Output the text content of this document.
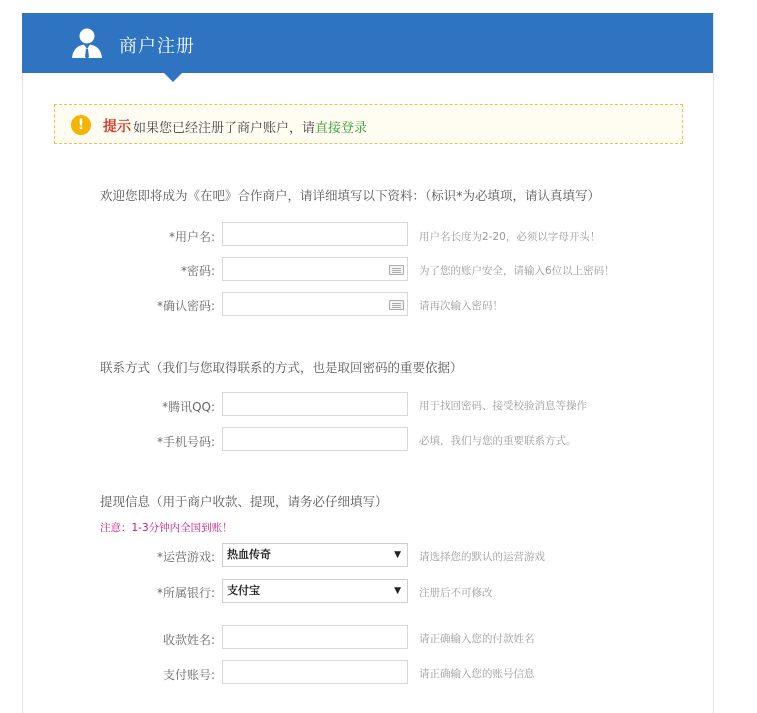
商户注册
!	提示 如果您已经注册了商户账户，请直接登录
欢迎您即将成为《在吧》合作商户，请详细填写以下资料：（标识*为必填项，请认真填写）
*用户名:	用户名长度为2-20，必须以字母开头！
*密码:	为了您的账户安全，请输入6位以上密码！
*确认密码:	请再次输入密码！
联系方式（我们与您取得联系的方式，也是取回密码的重要依据）
*腾讯QQ:	用于找回密码、接受校验消息等操作
*手机号码:	必填，我们与您的重要联系方式。
提现信息（用于商户收款、提现，请务必仔细填写）
注意：1-3分钟内全国到账！
*运营游戏:	热血传奇	▼ 请选择您的默认的运营游戏
*所属银行:	支付宝	▼ 注册后不可修改
收款姓名:	请正确输入您的付款姓名
支付账号:	请正确输入您的账号信息
